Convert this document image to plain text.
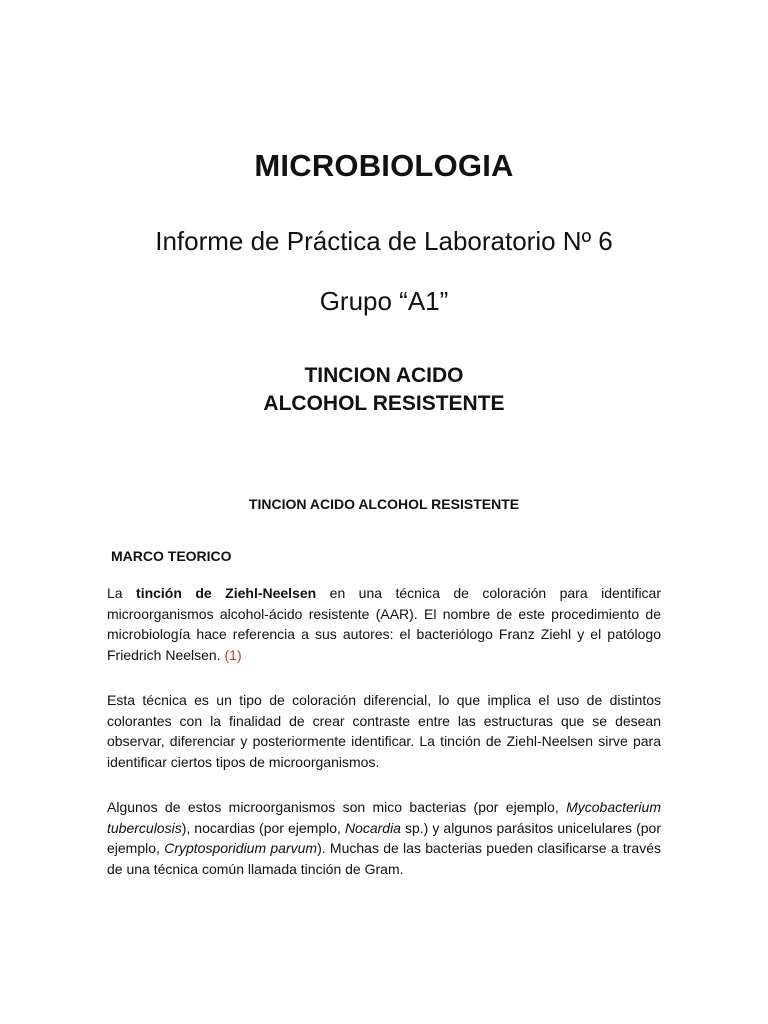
MICROBIOLOGIA
Informe de Práctica de Laboratorio Nº 6
Grupo “A1”
TINCION ACIDO
ALCOHOL RESISTENTE
TINCION ACIDO ALCOHOL RESISTENTE
MARCO TEORICO

La tinción de Ziehl-Neelsen en una técnica de coloración para identificar microorganismos alcohol-ácido resistente (AAR). El nombre de este procedimiento de microbiología hace referencia a sus autores: el bacteriólogo Franz Ziehl y el patólogo Friedrich Neelsen. (1)

Esta técnica es un tipo de coloración diferencial, lo que implica el uso de distintos colorantes con la finalidad de crear contraste entre las estructuras que se desean observar, diferenciar y posteriormente identificar. La tinción de Ziehl-Neelsen sirve para identificar ciertos tipos de microorganismos.

Algunos de estos microorganismos son mico bacterias (por ejemplo, Mycobacterium tuberculosis), nocardias (por ejemplo, Nocardia sp.) y algunos parásitos unicelulares (por ejemplo, Cryptosporidium parvum). Muchas de las bacterias pueden clasificarse a través de una técnica común llamada tinción de Gram.
